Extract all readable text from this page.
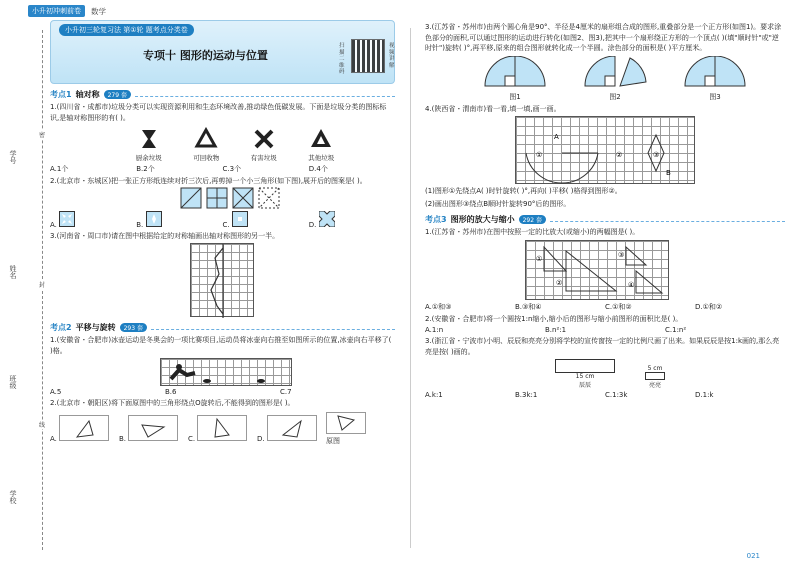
小升初冲刺前卷	数学
学号
姓名
班级
学校
密
封
线
小升初三轮复习法 第①轮 题考点分类卷
专项十 图形的运动与位置
扫描二维码
视频讲解
考点1 轴对称	279 套
1.(四川省・成都市)垃圾分类可以实现资源利用和生态环境改善,推动绿色低碳发展。下面是垃圾分类的图标标识,是轴对称图形的有( )。
厨余垃圾	可回收物	有害垃圾	其他垃圾
A.1个	B.2个	C.3个	D.4个
2.(北京市・东城区)把一张正方形纸连续对折三次后,再剪掉一个小三角形(如下图),展开后的图案是( )。
A.	B.	C.	D.
3.(河南省・周口市)请在图中根据给定的对称轴画出轴对称图形的另一半。
考点2 平移与旋转	293 套
1.(安徽省・合肥市)冰壶运动是冬奥会的一项比赛项目,运动员将冰壶向右推至如图所示的位置,冰壶向右平移了( )格。
A.5	B.6	C.7
2.(北京市・朝阳区)将下面原图中的三角形绕点O旋转后,不能得到的图形是( )。
A.	B.	C.	D.	原图
3.(江苏省・苏州市)由两个圆心角是90°、半径是4厘米的扇形组合成的图形,重叠部分是一个正方形(如图1)。要求涂色部分的面积,可以通过图形的运动进行转化(如图2、图3),把其中一个扇形绕正方形的一个顶点( )(填"顺时针"或"逆时针")旋转( )°,再平移,原来的组合图形就转化成一个半圆。涂色部分的面积是( )平方厘米。
图1	图2	图3
4.(陕西省・渭南市)看一看,填一填,画一画。
A
①	②	③
B
(1)图形①先绕点A( )时针旋转( )°,再向( )平移( )格得到图形②。
(2)画出图形③绕点B顺时针旋转90°后的图形。
考点3 图形的放大与缩小	292 套
1.(江苏省・苏州市)在图中按照一定的比放大(或缩小)的两幅图是( )。
①
②
③
④
A.①和③	B.③和④	C.①和②	D.①和②
2.(安徽省・合肥市)将一个圆按1:n缩小,缩小后的图形与缩小前图形的面积比是( )。
A.1:n	B.n²:1	C.1:n²
3.(浙江省・宁波市)小明、辰辰和亮亮分别将学校的宣传窗按一定的比例尺画了出来。如果辰辰是按1:k画的,那么亮亮是按( )画的。
15 cm
辰辰
5 cm
亮亮
A.k:1	B.3k:1	C.1:3k	D.1:k
021
